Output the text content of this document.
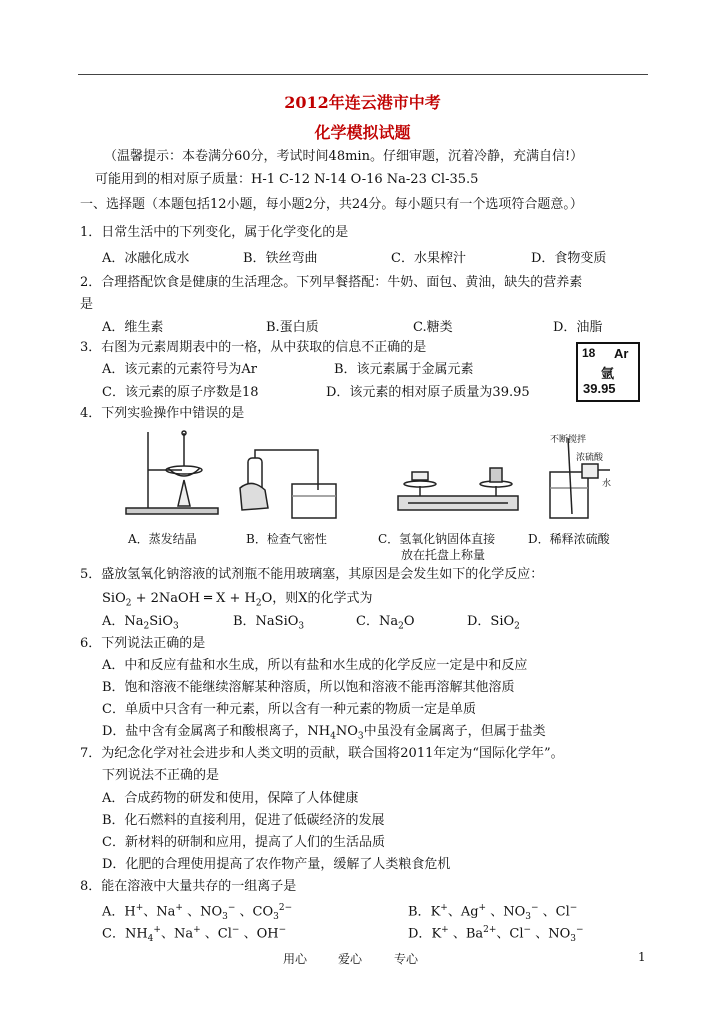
2012年连云港市中考
化学模拟试题
（温馨提示：本卷满分60分，考试时间48min。仔细审题，沉着冷静，充满自信!）
可能用到的相对原子质量：H-1 C-12 N-14 O-16 Na-23 Cl-35.5
一、选择题（本题包括12小题，每小题2分，共24分。每小题只有一个选项符合题意。）
1．日常生活中的下列变化，属于化学变化的是
A．冰融化成水	B．铁丝弯曲	C．水果榨汁	D．食物变质
2．合理搭配饮食是健康的生活理念。下列早餐搭配：牛奶、面包、黄油，缺失的营养素
是
A．维生素	B.蛋白质	C.糖类	D．油脂
3．右图为元素周期表中的一格，从中获取的信息不正确的是
A．该元素的元素符号为Ar	B．该元素属于金属元素
C．该元素的原子序数是18	D．该元素的相对原子质量为39.95
18 Ar
氩
39.95
4．下列实验操作中错误的是
不断搅拌
浓硫酸
水
A．蒸发结晶	B．检查气密性	C．氢氧化钠固体直接
放在托盘上称量
D．稀释浓硫酸
5．盛放氢氧化钠溶液的试剂瓶不能用玻璃塞，其原因是会发生如下的化学反应：
SiO$_2$ + 2NaOH ═ $X + H_2O$，则X的化学式为
A．$Na_2SiO_3$	B．NaSiO$_3$	C．$Na_2O$	D．SiO$_2$
6．下列说法正确的是
A．中和反应有盐和水生成，所以有盐和水生成的化学反应一定是中和反应
B．饱和溶液不能继续溶解某种溶质，所以饱和溶液不能再溶解其他溶质
C．单质中只含有一种元素，所以含有一种元素的物质一定是单质
D．盐中含有金属离子和酸根离子，$NH_4NO_3$中虽没有金属离子，但属于盐类
7．为纪念化学对社会进步和人类文明的贡献，联合国将2011年定为“国际化学年”。
下列说法不正确的是
A．合成药物的研发和使用，保障了人体健康
B．化石燃料的直接利用，促进了低碳经济的发展
C．新材料的研制和应用，提高了人们的生活品质
D．化肥的合理使用提高了农作物产量，缓解了人类粮食危机
8．能在溶液中大量共存的一组离子是
A．H+、Na+ 、$NO_3^-$ 、$CO_3^{2-}$	B．K+、Ag+ 、$NO_3^-$ 、Cl−
C．$NH_4^+$、Na+ 、Cl− 、OH−	D．K+ 、$Ba^{2+}$、Cl− 、$NO_3^-$
用心	爱心	专心	1
